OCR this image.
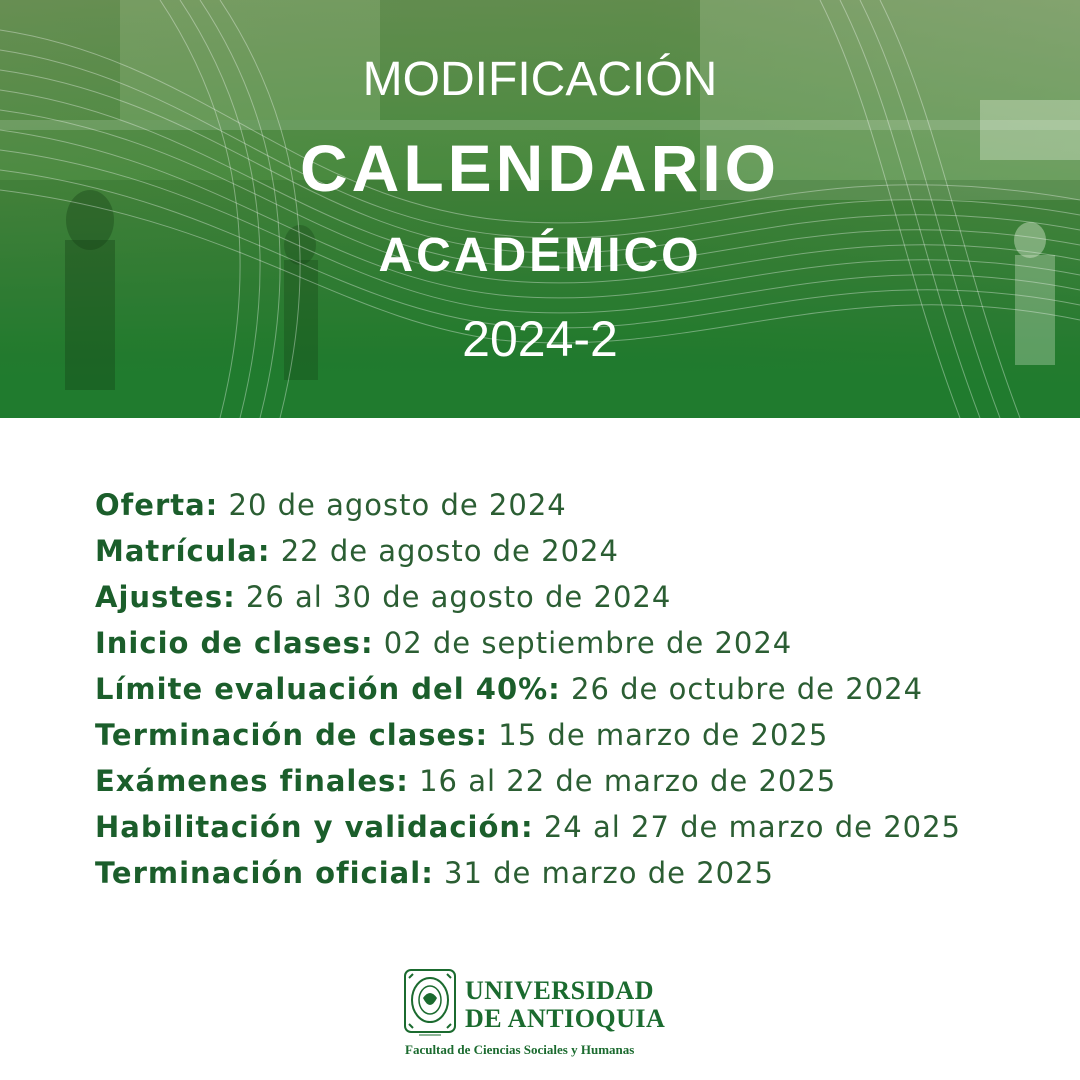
MODIFICACIÓN
CALENDARIO
ACADÉMICO
2024-2
Oferta: 20 de agosto de 2024
Matrícula: 22 de agosto de 2024
Ajustes: 26 al 30 de agosto de 2024
Inicio de clases: 02 de septiembre de 2024
Límite evaluación del 40%: 26 de octubre de 2024
Terminación de clases: 15 de marzo de 2025
Exámenes finales: 16 al 22 de marzo de 2025
Habilitación y validación: 24 al 27 de marzo de 2025
Terminación oficial: 31 de marzo de 2025
UNIVERSIDAD
DE ANTIOQUIA
Facultad de Ciencias Sociales y Humanas
